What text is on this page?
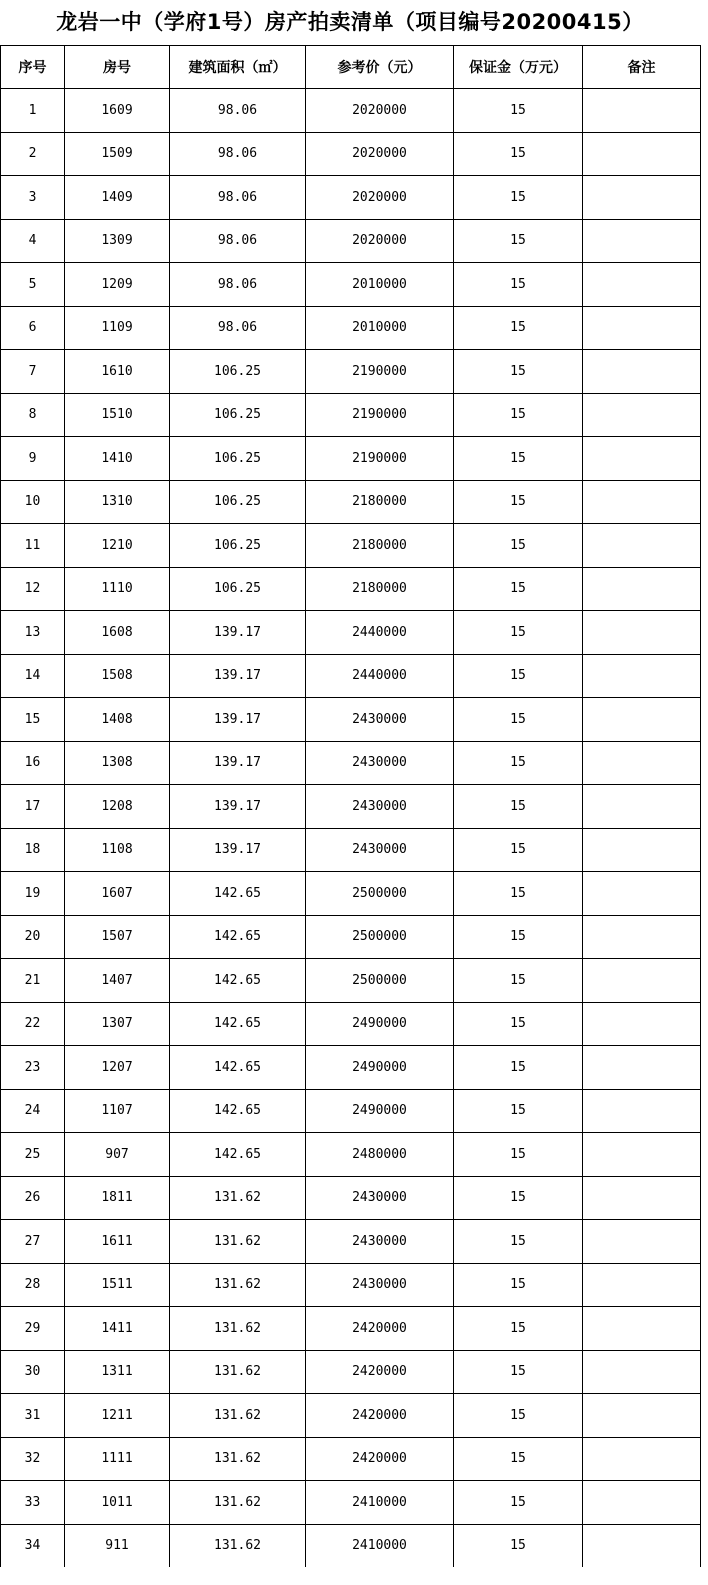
龙岩一中（学府1号）房产拍卖清单（项目编号20200415）
序号	房号	建筑面积（㎡）	参考价（元）	保证金（万元）	备注
1	1609	98.06	2020000	15	
2	1509	98.06	2020000	15	
3	1409	98.06	2020000	15	
4	1309	98.06	2020000	15	
5	1209	98.06	2010000	15	
6	1109	98.06	2010000	15	
7	1610	106.25	2190000	15	
8	1510	106.25	2190000	15	
9	1410	106.25	2190000	15	
10	1310	106.25	2180000	15	
11	1210	106.25	2180000	15	
12	1110	106.25	2180000	15	
13	1608	139.17	2440000	15	
14	1508	139.17	2440000	15	
15	1408	139.17	2430000	15	
16	1308	139.17	2430000	15	
17	1208	139.17	2430000	15	
18	1108	139.17	2430000	15	
19	1607	142.65	2500000	15	
20	1507	142.65	2500000	15	
21	1407	142.65	2500000	15	
22	1307	142.65	2490000	15	
23	1207	142.65	2490000	15	
24	1107	142.65	2490000	15	
25	907	142.65	2480000	15	
26	1811	131.62	2430000	15	
27	1611	131.62	2430000	15	
28	1511	131.62	2430000	15	
29	1411	131.62	2420000	15	
30	1311	131.62	2420000	15	
31	1211	131.62	2420000	15	
32	1111	131.62	2420000	15	
33	1011	131.62	2410000	15	
34	911	131.62	2410000	15	
